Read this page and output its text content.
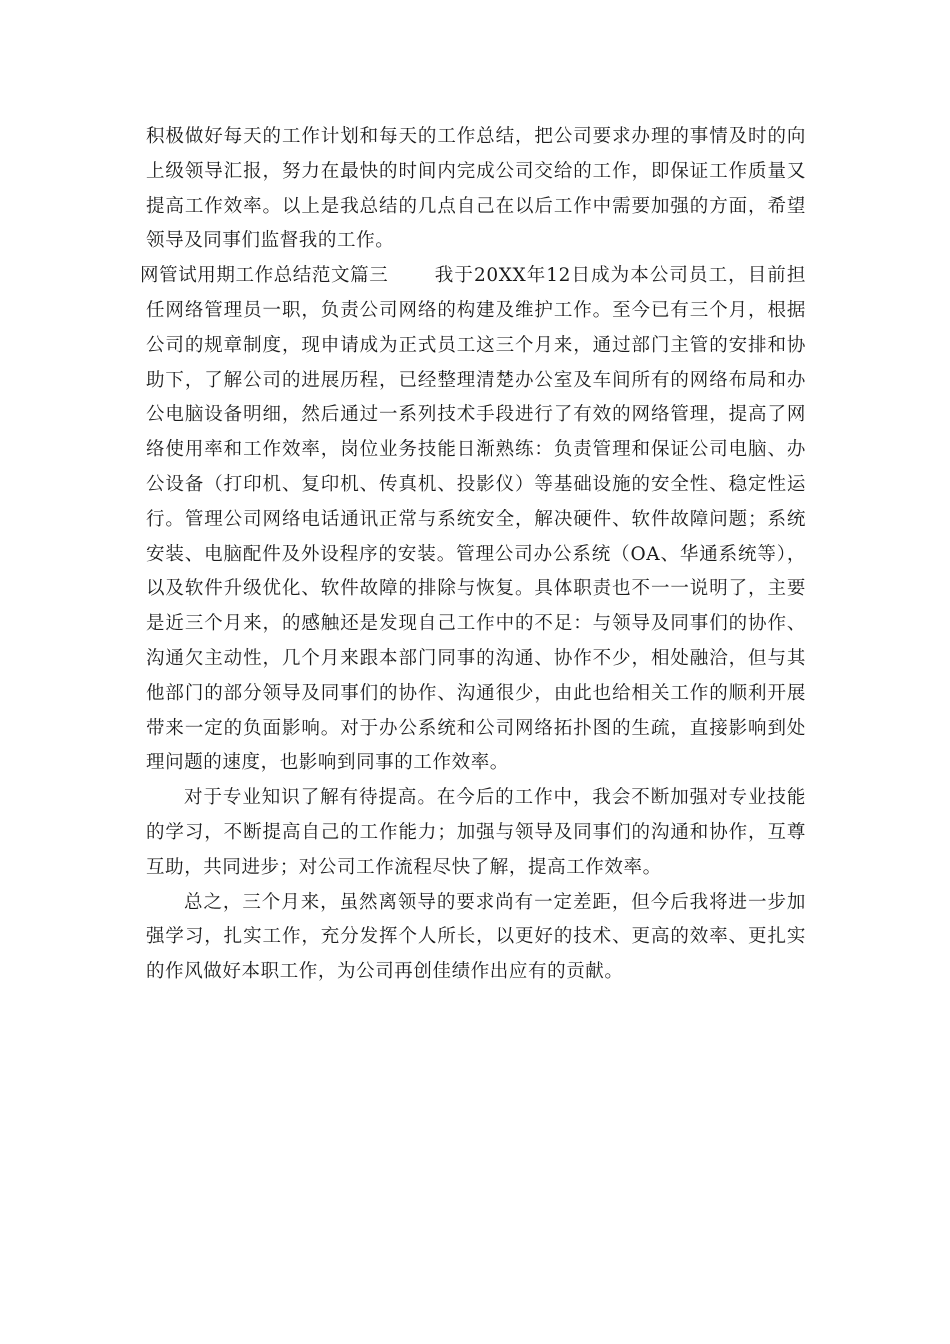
积极做好每天的工作计划和每天的工作总结，把公司要求办理的事情及时的向上级领导汇报，努力在最快的时间内完成公司交给的工作，即保证工作质量又提高工作效率。以上是我总结的几点自己在以后工作中需要加强的方面，希望领导及同事们监督我的工作。

网管试用期工作总结范文篇三 我于20XX年12日成为本公司员工，目前担任网络管理员一职，负责公司网络的构建及维护工作。至今已有三个月，根据公司的规章制度，现申请成为正式员工这三个月来，通过部门主管的安排和协助下，了解公司的进展历程，已经整理清楚办公室及车间所有的网络布局和办公电脑设备明细，然后通过一系列技术手段进行了有效的网络管理，提高了网络使用率和工作效率，岗位业务技能日渐熟练：负责管理和保证公司电脑、办公设备（打印机、复印机、传真机、投影仪）等基础设施的安全性、稳定性运行。管理公司网络电话通讯正常与系统安全，解决硬件、软件故障问题；系统安装、电脑配件及外设程序的安装。管理公司办公系统（OA、华通系统等），以及软件升级优化、软件故障的排除与恢复。具体职责也不一一说明了，主要是近三个月来，的感触还是发现自己工作中的不足：与领导及同事们的协作、沟通欠主动性，几个月来跟本部门同事的沟通、协作不少，相处融洽，但与其他部门的部分领导及同事们的协作、沟通很少，由此也给相关工作的顺利开展带来一定的负面影响。对于办公系统和公司网络拓扑图的生疏，直接影响到处理问题的速度，也影响到同事的工作效率。

对于专业知识了解有待提高。在今后的工作中，我会不断加强对专业技能的学习，不断提高自己的工作能力；加强与领导及同事们的沟通和协作，互尊互助，共同进步；对公司工作流程尽快了解，提高工作效率。

总之，三个月来，虽然离领导的要求尚有一定差距，但今后我将进一步加强学习，扎实工作，充分发挥个人所长，以更好的技术、更高的效率、更扎实的作风做好本职工作，为公司再创佳绩作出应有的贡献。
